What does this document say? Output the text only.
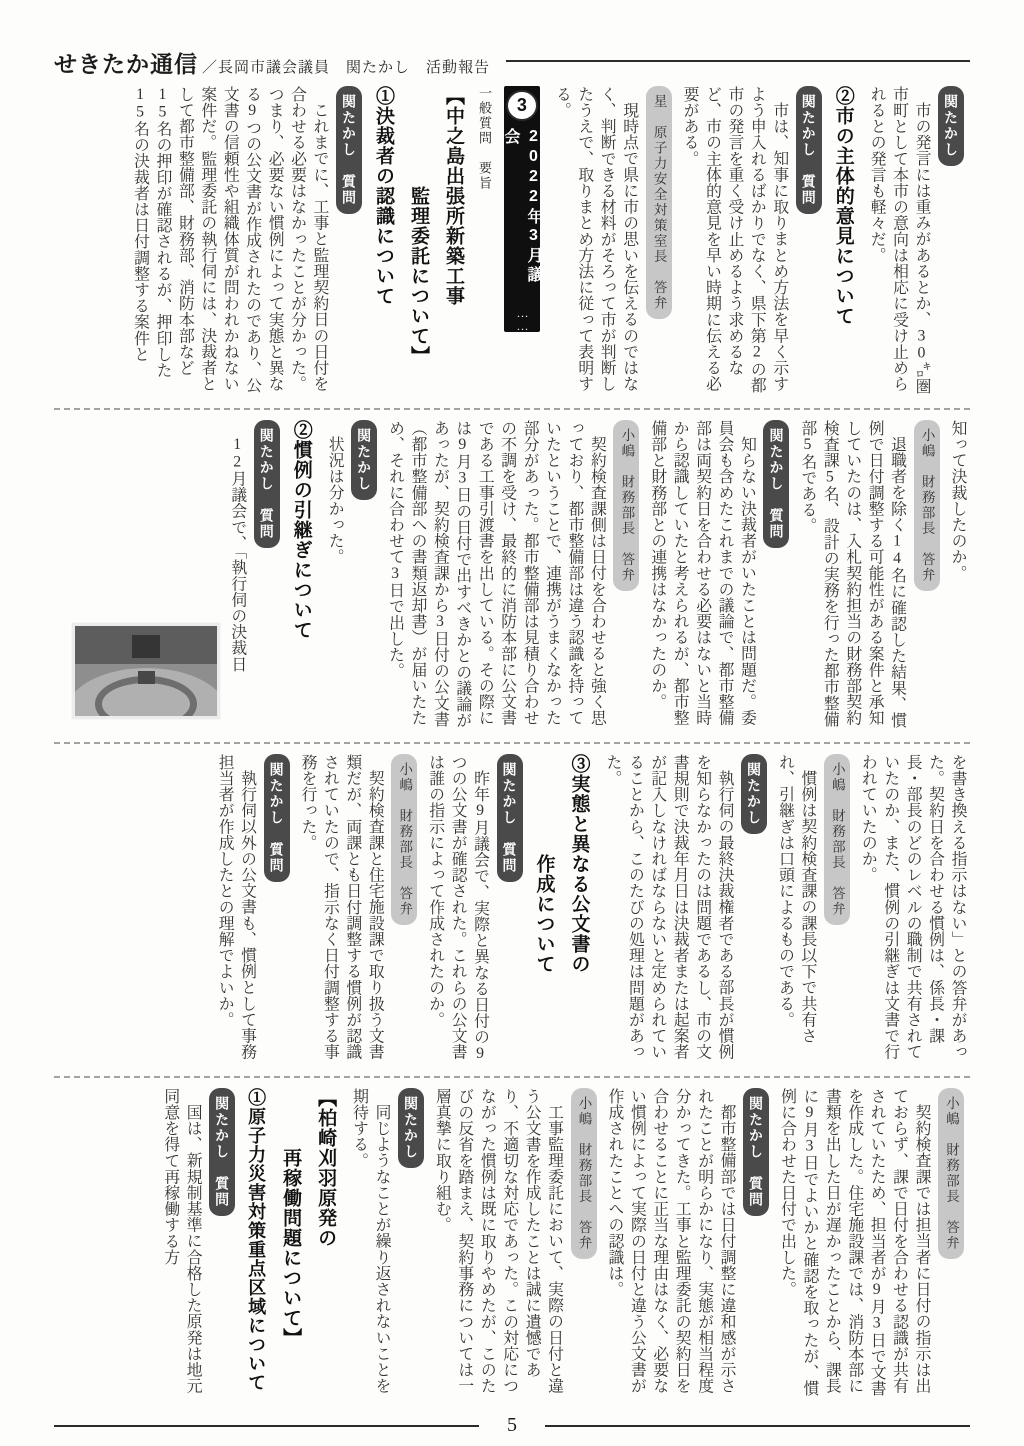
せきたか通信 ／長岡市議会議員　関たかし　活動報告
関たかし

市の発言には重みがあるとか、30㌔圏市町として本市の意向は相応に受け止められるとの発言も軽々だ。

②市の主体的意見について
関たかし　質問

市は、知事に取りまとめ方法を早く示すよう申入れるばかりでなく、県下第2の都市の発言を重く受け止めるよう求めるなど、市の主体的意見を早い時期に伝える必要がある。

星　原子力安全対策室長　答弁

現時点で県に市の思いを伝えるのではなく、判断できる材料がそろって市が判断したうえで、取りまとめ方法に従って表明する。

3
2022年3月議会
……
一般質問　要旨
【中之島出張所新築工事
監理委託について】
①決裁者の認識について
関たかし　質問

これまでに、工事と監理契約日の日付を合わせる必要はなかったことが分かった。つまり、必要ない慣例によって実態と異なる9つの公文書が作成されたのであり、公文書の信頼性や組織体質が問われかねない案件だ。監理委託の執行伺には、決裁者として都市整備部、財務部、消防本部など15名の押印が確認されるが、押印した15名の決裁者は日付調整する案件と

知って決裁したのか。

小嶋　財務部長　答弁

退職者を除く14名に確認した結果、慣例で日付調整する可能性がある案件と承知していたのは、入札契約担当の財務部契約検査課5名、設計の実務を行った都市整備部5名である。

関たかし　質問

知らない決裁者がいたことは問題だ。委員会も含めたこれまでの議論で、都市整備部は両契約日を合わせる必要はないと当時から認識していたと考えられるが、都市整備部と財務部との連携はなかったのか。

小嶋　財務部長　答弁

契約検査課側は日付を合わせると強く思っており、都市整備部は違う認識を持っていたということで、連携がうまくなかった部分があった。都市整備部は見積り合わせの不調を受け、最終的に消防本部に公文書である工事引渡書を出している。その際には9月3日の日付で出すべきかとの議論があったが、契約検査課から3日付の公文書（都市整備部への書類返却書）が届いたため、それに合わせて3日で出した。

関たかし

状況は分かった。

②慣例の引継ぎについて
関たかし　質問

12月議会で、「執行伺の決裁日

を書き換える指示はない」との答弁があった。契約日を合わせる慣例は、係長・課長・部長のどのレベルの職制で共有されていたのか、また、慣例の引継ぎは文書で行われていたのか。

小嶋　財務部長　答弁

慣例は契約検査課の課長以下で共有され、引継ぎは口頭によるものである。

関たかし

執行伺の最終決裁権者である部長が慣例を知らなかったのは問題であるし、市の文書規則で決裁年月日は決裁者または起案者が記入しなければならないと定められていることから、このたびの処理は問題があった。

③実態と異なる公文書の
作成について
関たかし　質問

昨年9月議会で、実際と異なる日付の9つの公文書が確認された。これらの公文書は誰の指示によって作成されたのか。

小嶋　財務部長　答弁

契約検査課と住宅施設課で取り扱う文書類だが、両課とも日付調整する慣例が認識されていたので、指示なく日付調整する事務を行った。

関たかし　質問

執行伺以外の公文書も、慣例として事務担当者が作成したとの理解でよいか。

小嶋　財務部長　答弁

契約検査課では担当者に日付の指示は出ておらず、課で日付を合わせる認識が共有されていたため、担当者が9月3日で文書を作成した。住宅施設課では、消防本部に書類を出した日が遅かったことから、課長に9月3日でよいかと確認を取ったが、慣例に合わせた日付で出した。

関たかし　質問

都市整備部では日付調整に違和感が示されたことが明らかになり、実態が相当程度分かってきた。工事と監理委託の契約日を合わせることに正当な理由はなく、必要ない慣例によって実際の日付と違う公文書が作成されたことへの認識は。

小嶋　財務部長　答弁

工事監理委託において、実際の日付と違う公文書を作成したことは誠に遺憾であり、不適切な対応であった。この対応につながった慣例は既に取りやめたが、このたびの反省を踏まえ、契約事務については一層真摯に取り組む。

関たかし

同じようなことが繰り返されないことを期待する。

【柏崎刈羽原発の
再稼働問題について】
①原子力災害対策重点区域について
関たかし　質問

国は、新規制基準に合格した原発は地元同意を得て再稼働する方

5
